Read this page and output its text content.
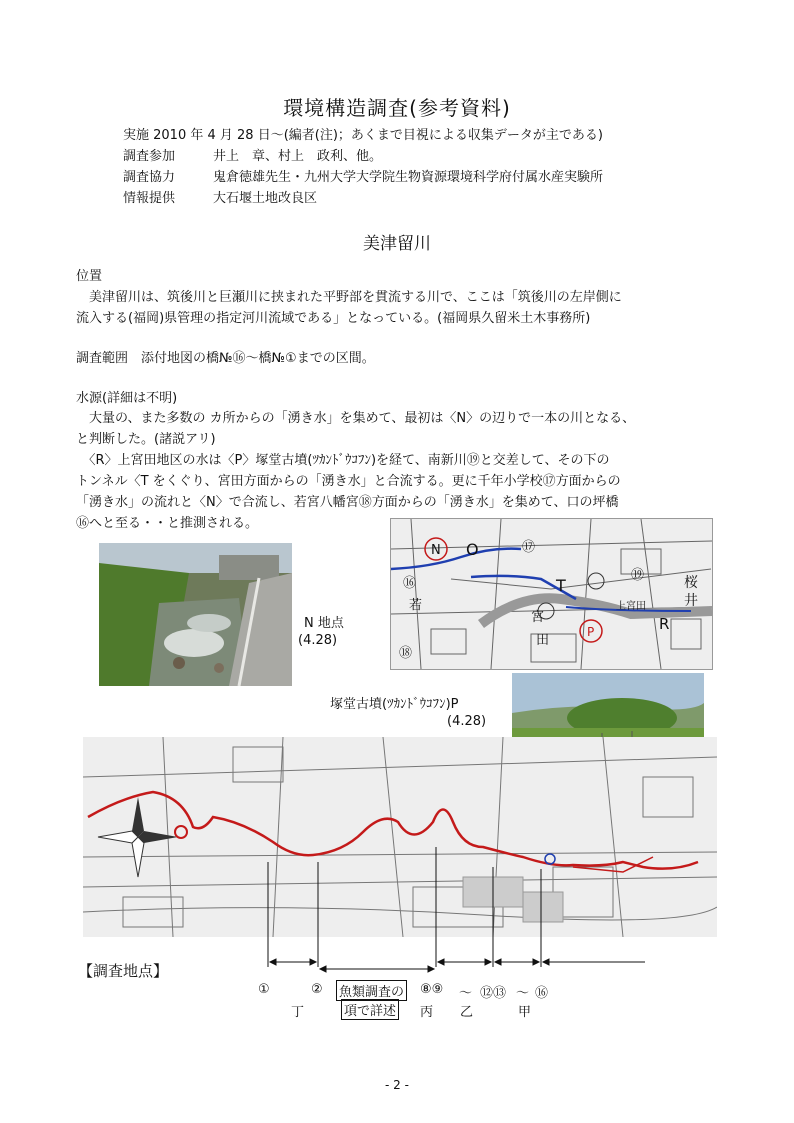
環境構造調査(参考資料)
実施 2010 年 4 月 28 日～(編者(注)；あくまで目視による収集データが主である)
調査参加	井上　章、村上　政利、他。
調査協力	鬼倉徳雄先生・九州大学大学院生物資源環境科学府付属水産実験所
情報提供	大石堰土地改良区
美津留川
位置
　美津留川は、筑後川と巨瀬川に挟まれた平野部を貫流する川で、ここは「筑後川の左岸側に
流入する(福岡)県管理の指定河川流域である」となっている。(福岡県久留米土木事務所)
調査範囲　添付地図の橋№⑯～橋№①までの区間。
水源(詳細は不明)
　大量の、また多数の カ所からの「湧き水」を集めて、最初は〈N〉の辺りで一本の川となる、
と判断した。(諸説アリ)
　〈R〉上宮田地区の水は〈P〉塚堂古墳(ﾂｶﾝﾄﾞｳｺﾌﾝ)を経て、南新川⑲と交差して、その下の
トンネル〈T をくぐり、宮田方面からの「湧き水」と合流する。更に千年小学校⑰方面からの
「湧き水」の流れと〈N〉で合流し、若宮八幡宮⑱方面からの「湧き水」を集めて、口の坪橋
⑯へと至る・・と推測される。
N 地点
(4.28)
N O	⑰
⑯	T
⑲	桜
井
R
P
若
宮
田
上宮田
⑱
塚堂古墳(ﾂｶﾝﾄﾞｳｺﾌﾝ)P
(4.28)
【調査地点】
①	② 魚類調査の ⑧⑨ ～ ⑫⑬ ～ ⑯
丁	項で詳述 丙 乙	甲
- 2 -
